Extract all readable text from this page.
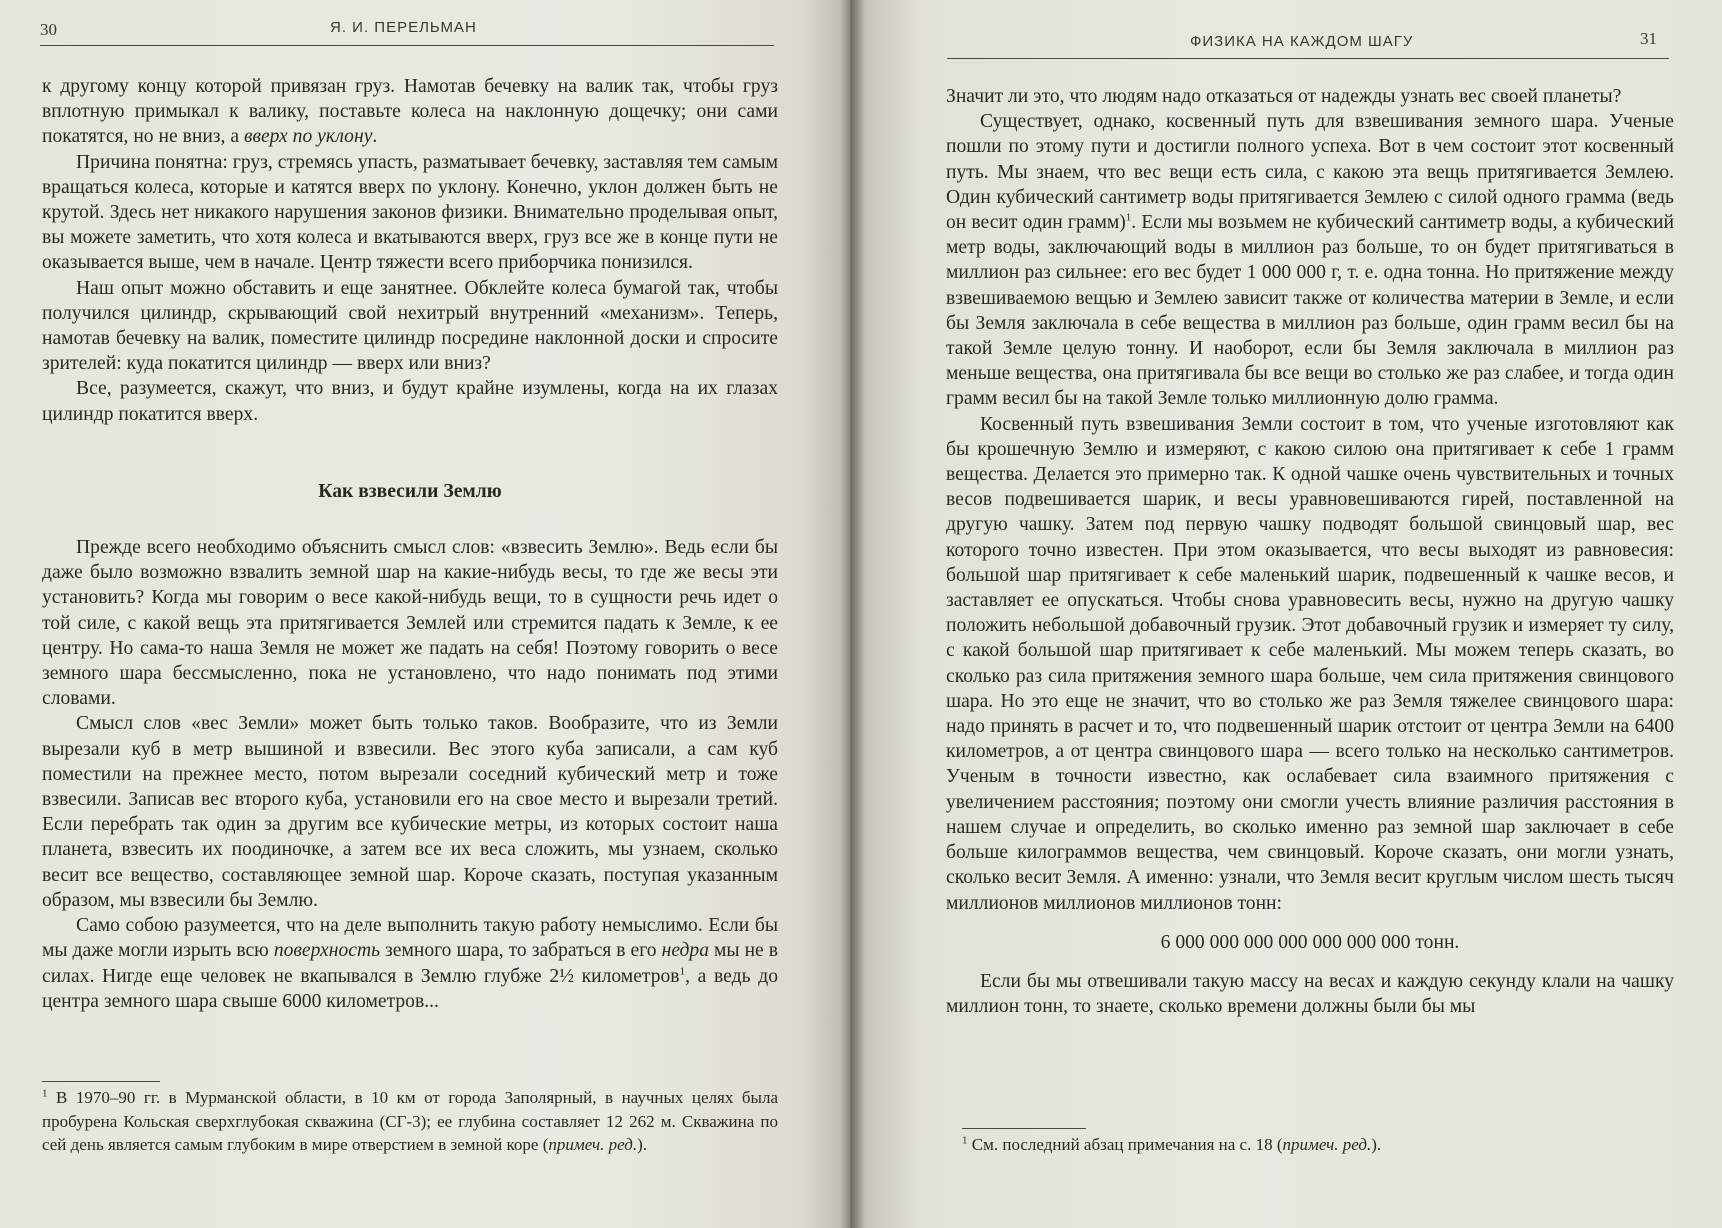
30	Я. И. ПЕРЕЛЬМАН

к другому концу которой привязан груз. Намотав бечевку на валик так, чтобы груз вплотную примыкал к валику, поставьте колеса на наклонную дощечку; они сами покатятся, но не вниз, а вверх по уклону.

Причина понятна: груз, стремясь упасть, разматывает бечевку, заставляя тем самым вращаться колеса, которые и катятся вверх по уклону. Конечно, уклон должен быть не крутой. Здесь нет никакого нарушения законов физики. Внимательно проделывая опыт, вы можете заметить, что хотя колеса и вкатываются вверх, груз все же в конце пути не оказывается выше, чем в начале. Центр тяжести всего приборчика понизился.

Наш опыт можно обставить и еще занятнее. Обклейте колеса бумагой так, чтобы получился цилиндр, скрывающий свой нехитрый внутренний «механизм». Теперь, намотав бечевку на валик, поместите цилиндр посредине наклонной доски и спросите зрителей: куда покатится цилиндр — вверх или вниз?

Все, разумеется, скажут, что вниз, и будут крайне изумлены, когда на их глазах цилиндр покатится вверх.

Как взвесили Землю

Прежде всего необходимо объяснить смысл слов: «взвесить Землю». Ведь если бы даже было возможно взвалить земной шар на какие-нибудь весы, то где же весы эти установить? Когда мы говорим о весе какой-нибудь вещи, то в сущности речь идет о той силе, с какой вещь эта притягивается Землей или стремится падать к Земле, к ее центру. Но сама-то наша Земля не может же падать на себя! Поэтому говорить о весе земного шара бессмысленно, пока не установлено, что надо понимать под этими словами.

Смысл слов «вес Земли» может быть только таков. Вообразите, что из Земли вырезали куб в метр вышиной и взвесили. Вес этого куба записали, а сам куб поместили на прежнее место, потом вырезали соседний кубический метр и тоже взвесили. Записав вес второго куба, установили его на свое место и вырезали третий. Если перебрать так один за другим все кубические метры, из которых состоит наша планета, взвесить их поодиночке, а затем все их веса сложить, мы узнаем, сколько весит все вещество, составляющее земной шар. Короче сказать, поступая указанным образом, мы взвесили бы Землю.

Само собою разумеется, что на деле выполнить такую работу немыслимо. Если бы мы даже могли изрыть всю поверхность земного шара, то забраться в его недра мы не в силах. Нигде еще человек не вкапывался в Землю глубже 2½ километров$^1$, а ведь до центра земного шара свыше 6000 километров...

$^1$ В 1970–90 гг. в Мурманской области, в 10 км от города Заполярный, в научных целях была пробурена Кольская сверхглубокая скважина (СГ-3); ее глубина составляет 12 262 м. Скважина по сей день является самым глубоким в мире отверстием в земной коре (примеч. ред.).

ФИЗИКА НА КАЖДОМ ШАГУ	31

Значит ли это, что людям надо отказаться от надежды узнать вес своей планеты?

Существует, однако, косвенный путь для взвешивания земного шара. Ученые пошли по этому пути и достигли полного успеха. Вот в чем состоит этот косвенный путь. Мы знаем, что вес вещи есть сила, с какою эта вещь притягивается Землею. Один кубический сантиметр воды притягивается Землею с силой одного грамма (ведь он весит один грамм)$^1$. Если мы возьмем не кубический сантиметр воды, а кубический метр воды, заключающий воды в миллион раз больше, то он будет притягиваться в миллион раз сильнее: его вес будет 1 000 000 г, т. е. одна тонна. Но притяжение между взвешиваемою вещью и Землею зависит также от количества материи в Земле, и если бы Земля заключала в себе вещества в миллион раз больше, один грамм весил бы на такой Земле целую тонну. И наоборот, если бы Земля заключала в миллион раз меньше вещества, она притягивала бы все вещи во столько же раз слабее, и тогда один грамм весил бы на такой Земле только миллионную долю грамма.

Косвенный путь взвешивания Земли состоит в том, что ученые изготовляют как бы крошечную Землю и измеряют, с какою силою она притягивает к себе 1 грамм вещества. Делается это примерно так. К одной чашке очень чувствительных и точных весов подвешивается шарик, и весы уравновешиваются гирей, поставленной на другую чашку. Затем под первую чашку подводят большой свинцовый шар, вес которого точно известен. При этом оказывается, что весы выходят из равновесия: большой шар притягивает к себе маленький шарик, подвешенный к чашке весов, и заставляет ее опускаться. Чтобы снова уравновесить весы, нужно на другую чашку положить небольшой добавочный грузик. Этот добавочный грузик и измеряет ту силу, с какой большой шар притягивает к себе маленький. Мы можем теперь сказать, во сколько раз сила притяжения земного шара больше, чем сила притяжения свинцового шара. Но это еще не значит, что во столько же раз Земля тяжелее свинцового шара: надо принять в расчет и то, что подвешенный шарик отстоит от центра Земли на 6400 километров, а от центра свинцового шара — всего только на несколько сантиметров. Ученым в точности известно, как ослабевает сила взаимного притяжения с увеличением расстояния; поэтому они смогли учесть влияние различия расстояния в нашем случае и определить, во сколько именно раз земной шар заключает в себе больше килограммов вещества, чем свинцовый. Короче сказать, они могли узнать, сколько весит Земля. А именно: узнали, что Земля весит круглым числом шесть тысяч миллионов миллионов миллионов тонн:

6 000 000 000 000 000 000 000 тонн.

Если бы мы отвешивали такую массу на весах и каждую секунду клали на чашку миллион тонн, то знаете, сколько времени должны были бы мы

$^1$ См. последний абзац примечания на с. 18 (примеч. ред.).
